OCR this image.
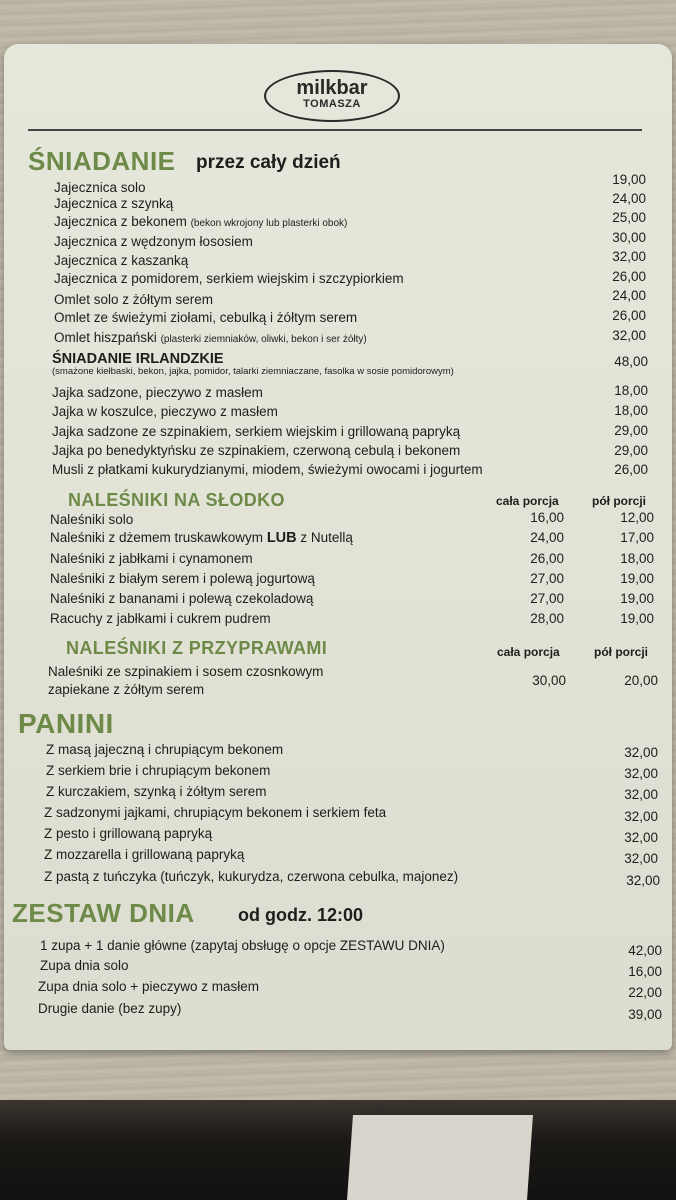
milkbar
TOMASZA
ŚNIADANIE przez cały dzień
Jajecznica solo
19,00
Jajecznica z szynką	24,00
Jajecznica z bekonem (bekon wkrojony lub plasterki obok)	25,00
Jajecznica z wędzonym łososiem	30,00
Jajecznica z kaszanką	32,00
Jajecznica z pomidorem, serkiem wiejskim i szczypiorkiem	26,00
Omlet solo z żółtym serem	24,00
Omlet ze świeżymi ziołami, cebulką i żółtym serem	26,00
Omlet hiszpański (plasterki ziemniaków, oliwki, bekon i ser żółty)	32,00
ŚNIADANIE IRLANDZKIE
(smażone kiełbaski, bekon, jajka, pomidor, talarki ziemniaczane, fasolka w sosie pomidorowym)
48,00
Jajka sadzone, pieczywo z masłem	18,00
Jajka w koszulce, pieczywo z masłem	18,00
Jajka sadzone ze szpinakiem, serkiem wiejskim i grillowaną papryką	29,00
Jajka po benedyktyńsku ze szpinakiem, czerwoną cebulą i bekonem	29,00
Musli z płatkami kukurydzianymi, miodem, świeżymi owocami i jogurtem	26,00
NALEŚNIKI NA SŁODKO	cała porcja	pół porcji
Naleśniki solo	16,00	12,00
Naleśniki z dżemem truskawkowym LUB z Nutellą	24,00	17,00
Naleśniki z jabłkami i cynamonem	26,00	18,00
Naleśniki z białym serem i polewą jogurtową	27,00	19,00
Naleśniki z bananami i polewą czekoladową	27,00	19,00
Racuchy z jabłkami i cukrem pudrem	28,00	19,00
NALEŚNIKI Z PRZYPRAWAMI	cała porcja	pół porcji
Naleśniki ze szpinakiem i sosem czosnkowym
zapiekane z żółtym serem
30,00	20,00
PANINI
Z masą jajeczną i chrupiącym bekonem	32,00
Z serkiem brie i chrupiącym bekonem	32,00
Z kurczakiem, szynką i żółtym serem	32,00
Z sadzonymi jajkami, chrupiącym bekonem i serkiem feta	32,00
Z pesto i grillowaną papryką	32,00
Z mozzarella i grillowaną papryką	32,00
Z pastą z tuńczyka (tuńczyk, kukurydza, czerwona cebulka, majonez)	32,00
ZESTAW DNIA od godz. 12:00
1 zupa + 1 danie główne (zapytaj obsługę o opcje ZESTAWU DNIA)	42,00
Zupa dnia solo	16,00
Zupa dnia solo + pieczywo z masłem	22,00
Drugie danie (bez zupy)	39,00
